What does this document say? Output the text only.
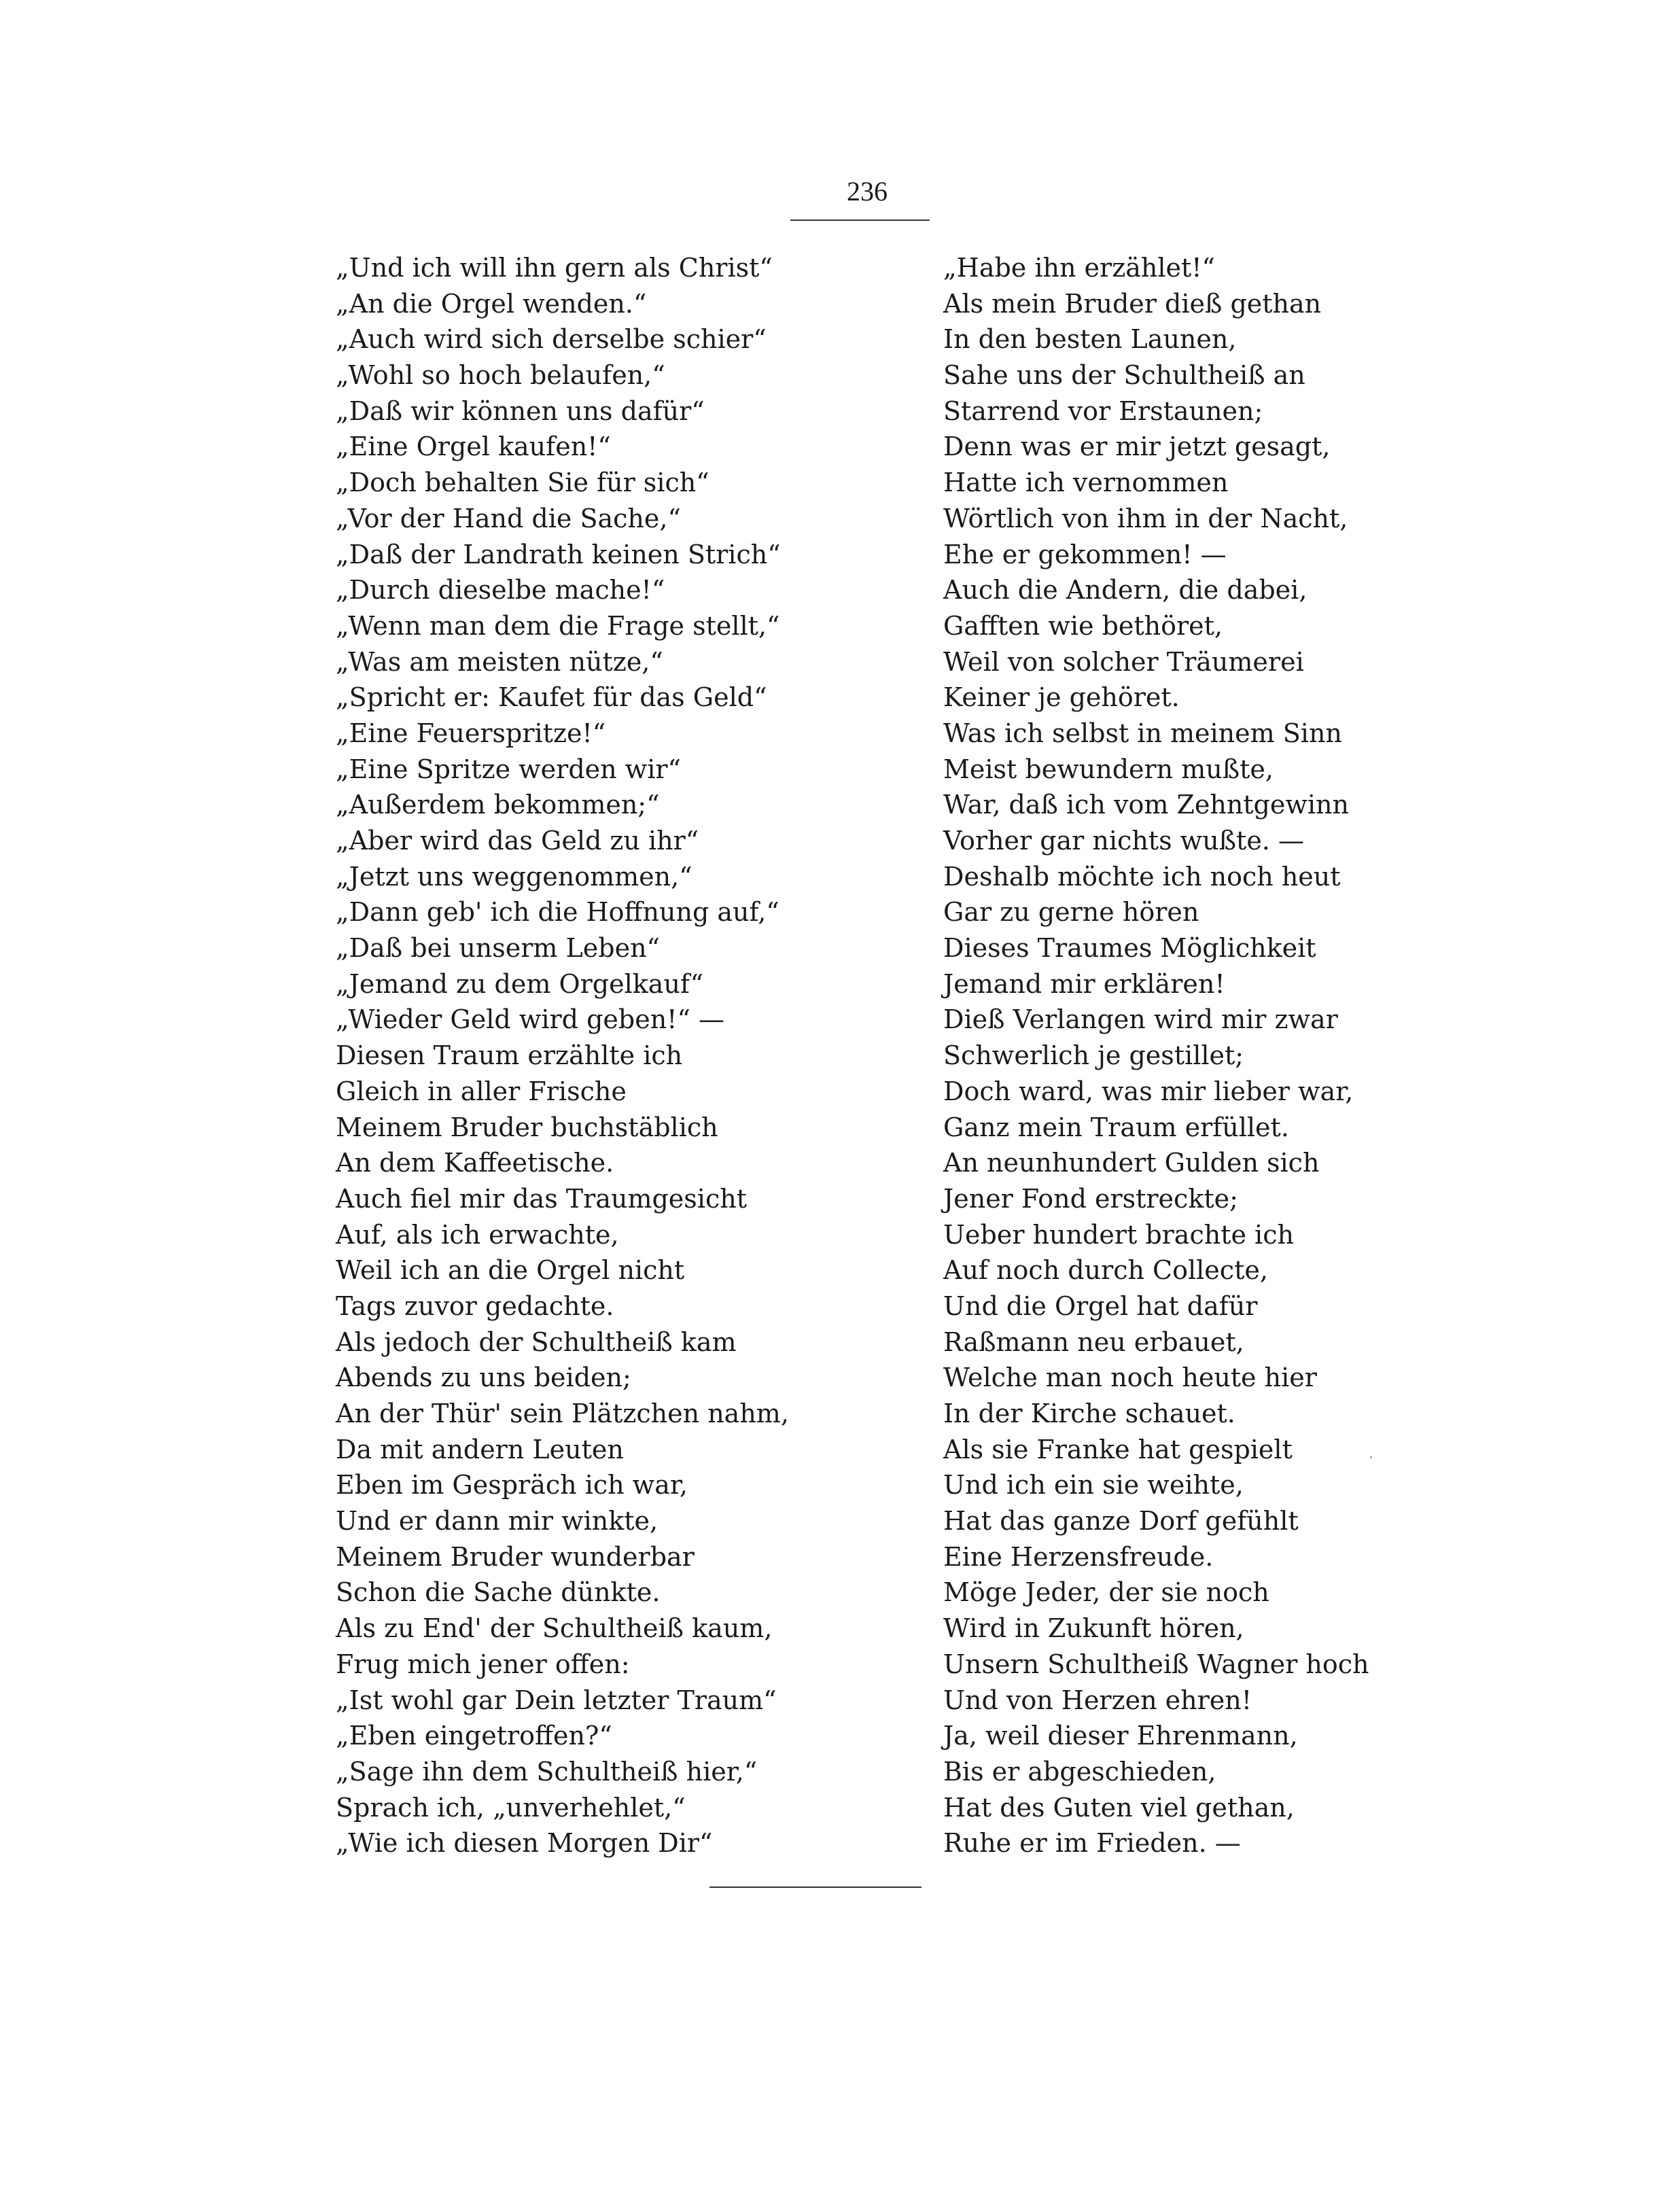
236
„Und ich will ihn gern als Christ“
„An die Orgel wenden.“
„Auch wird sich derselbe schier“
„Wohl so hoch belaufen,“
„Daß wir können uns dafür“
„Eine Orgel kaufen!“
„Doch behalten Sie für sich“
„Vor der Hand die Sache,“
„Daß der Landrath keinen Strich“
„Durch dieselbe mache!“
„Wenn man dem die Frage stellt,“
„Was am meisten nütze,“
„Spricht er: Kaufet für das Geld“
„Eine Feuerspritze!“
„Eine Spritze werden wir“
„Außerdem bekommen;“
„Aber wird das Geld zu ihr“
„Jetzt uns weggenommen,“
„Dann geb' ich die Hoffnung auf,“
„Daß bei unserm Leben“
„Jemand zu dem Orgelkauf“
„Wieder Geld wird geben!“ —
Diesen Traum erzählte ich
Gleich in aller Frische
Meinem Bruder buchstäblich
An dem Kaffeetische.
Auch fiel mir das Traumgesicht
Auf, als ich erwachte,
Weil ich an die Orgel nicht
Tags zuvor gedachte.
Als jedoch der Schultheiß kam
Abends zu uns beiden;
An der Thür' sein Plätzchen nahm,
Da mit andern Leuten
Eben im Gespräch ich war,
Und er dann mir winkte,
Meinem Bruder wunderbar
Schon die Sache dünkte.
Als zu End' der Schultheiß kaum,
Frug mich jener offen:
„Ist wohl gar Dein letzter Traum“
„Eben eingetroffen?“
„Sage ihn dem Schultheiß hier,“
Sprach ich, „unverhehlet,“
„Wie ich diesen Morgen Dir“
„Habe ihn erzählet!“
Als mein Bruder dieß gethan
In den besten Launen,
Sahe uns der Schultheiß an
Starrend vor Erstaunen;
Denn was er mir jetzt gesagt,
Hatte ich vernommen
Wörtlich von ihm in der Nacht,
Ehe er gekommen! —
Auch die Andern, die dabei,
Gafften wie bethöret,
Weil von solcher Träumerei
Keiner je gehöret.
Was ich selbst in meinem Sinn
Meist bewundern mußte,
War, daß ich vom Zehntgewinn
Vorher gar nichts wußte. —
Deshalb möchte ich noch heut
Gar zu gerne hören
Dieses Traumes Möglichkeit
Jemand mir erklären!
Dieß Verlangen wird mir zwar
Schwerlich je gestillet;
Doch ward, was mir lieber war,
Ganz mein Traum erfüllet.
An neunhundert Gulden sich
Jener Fond erstreckte;
Ueber hundert brachte ich
Auf noch durch Collecte,
Und die Orgel hat dafür
Raßmann neu erbauet,
Welche man noch heute hier
In der Kirche schauet.
Als sie Franke hat gespielt
Und ich ein sie weihte,
Hat das ganze Dorf gefühlt
Eine Herzensfreude.
Möge Jeder, der sie noch
Wird in Zukunft hören,
Unsern Schultheiß Wagner hoch
Und von Herzen ehren!
Ja, weil dieser Ehrenmann,
Bis er abgeschieden,
Hat des Guten viel gethan,
Ruhe er im Frieden. —
